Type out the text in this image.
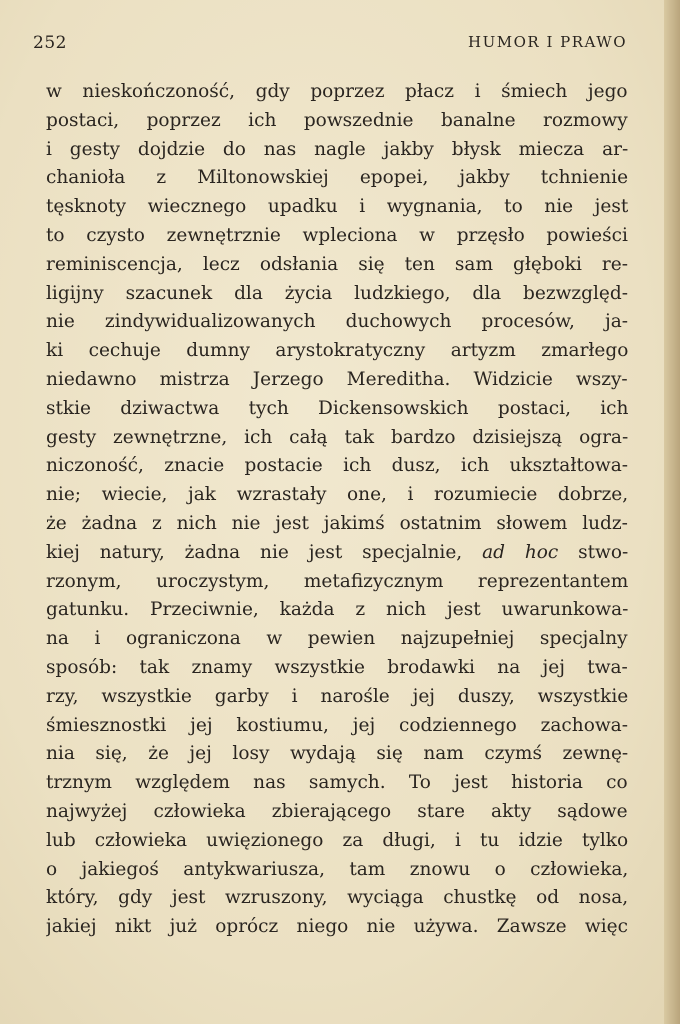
252	HUMOR I PRAWO
w nieskończoność, gdy poprzez płacz i śmiech jego
postaci, poprzez ich powszednie banalne rozmowy
i gesty dojdzie do nas nagle jakby błysk miecza ar-
chanioła z Miltonowskiej epopei, jakby tchnienie
tęsknoty wiecznego upadku i wygnania, to nie jest
to czysto zewnętrznie wpleciona w przęsło powieści
reminiscencja, lecz odsłania się ten sam głęboki re-
ligijny szacunek dla życia ludzkiego, dla bezwzględ-
nie zindywidualizowanych duchowych procesów, ja-
ki cechuje dumny arystokratyczny artyzm zmarłego
niedawno mistrza Jerzego Mereditha. Widzicie wszy-
stkie dziwactwa tych Dickensowskich postaci, ich
gesty zewnętrzne, ich całą tak bardzo dzisiejszą ogra-
niczoność, znacie postacie ich dusz, ich ukształtowa-
nie; wiecie, jak wzrastały one, i rozumiecie dobrze,
że żadna z nich nie jest jakimś ostatnim słowem ludz-
kiej natury, żadna nie jest specjalnie, ad hoc stwo-
rzonym, uroczystym, metafizycznym reprezentantem
gatunku. Przeciwnie, każda z nich jest uwarunkowa-
na i ograniczona w pewien najzupełniej specjalny
sposób: tak znamy wszystkie brodawki na jej twa-
rzy, wszystkie garby i narośle jej duszy, wszystkie
śmiesznostki jej kostiumu, jej codziennego zachowa-
nia się, że jej losy wydają się nam czymś zewnę-
trznym względem nas samych. To jest historia co
najwyżej człowieka zbierającego stare akty sądowe
lub człowieka uwięzionego za długi, i tu idzie tylko
o jakiegoś antykwariusza, tam znowu o człowieka,
który, gdy jest wzruszony, wyciąga chustkę od nosa,
jakiej nikt już oprócz niego nie używa. Zawsze więc
